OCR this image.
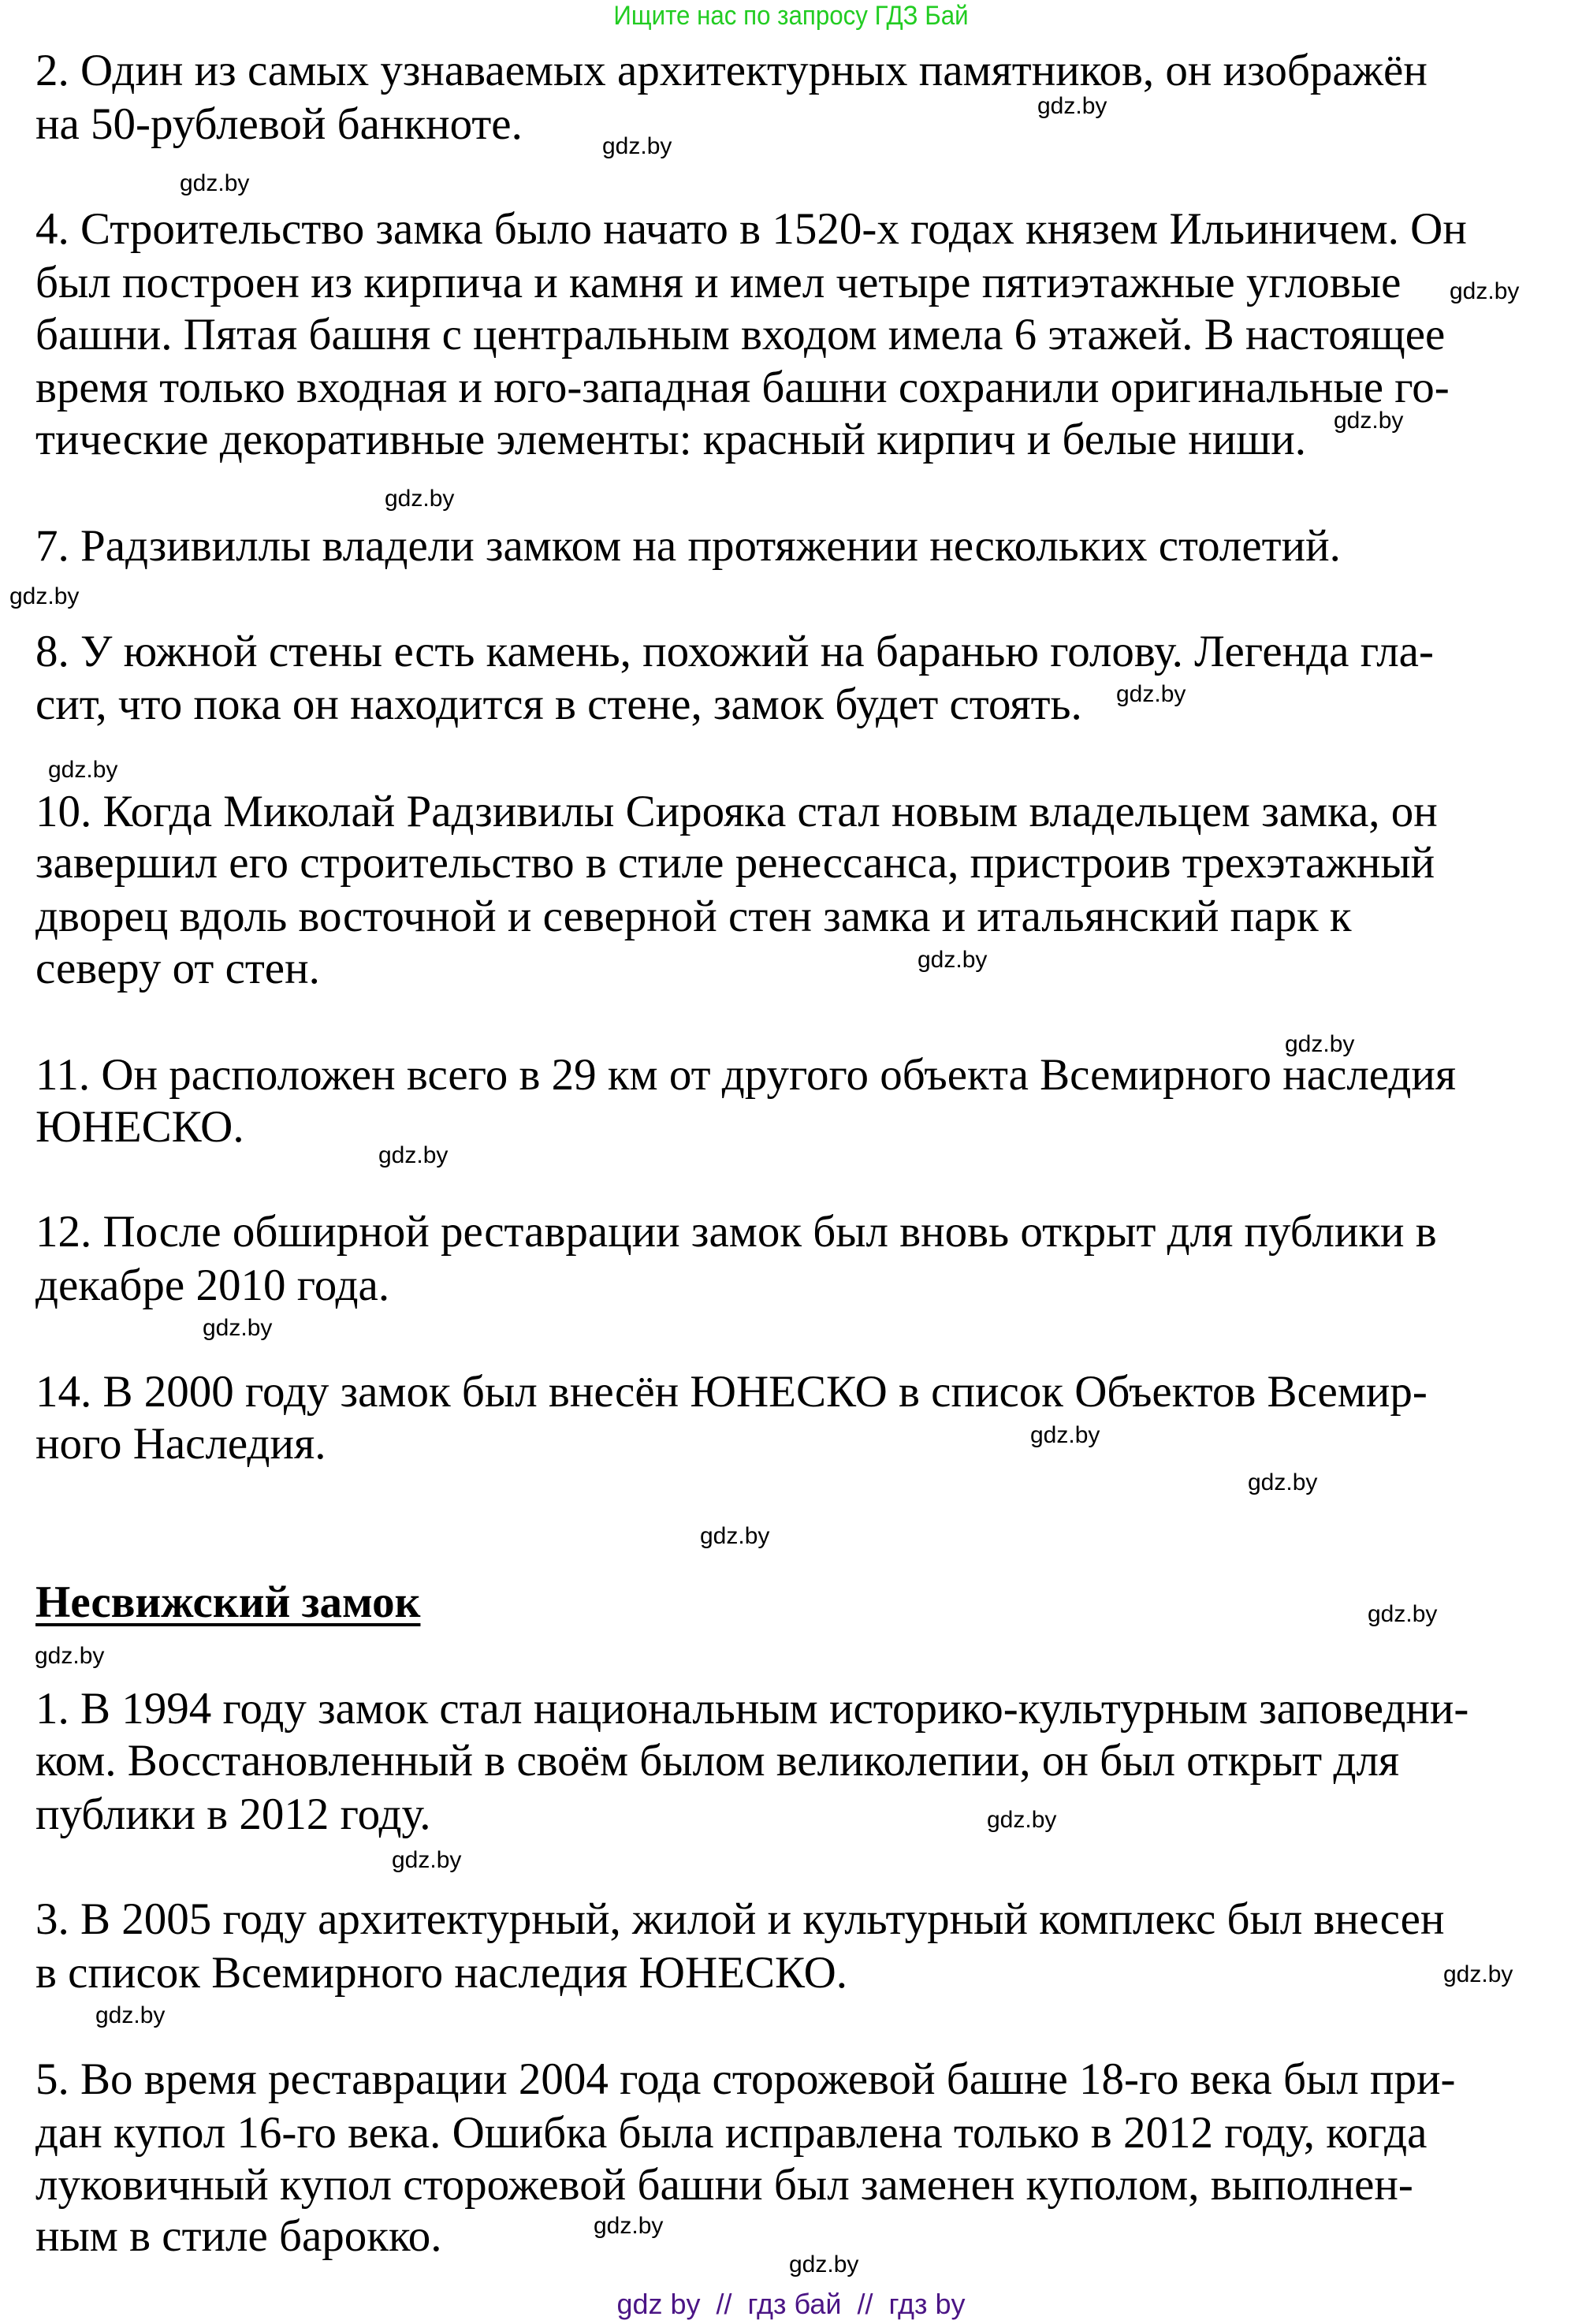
Ищите нас по запросу ГДЗ Бай
2. Один из самых узнаваемых архитектурных памятников, он изображён
на 50-рублевой банкноте.
4. Строительство замка было начато в 1520-х годах князем Ильиничем. Он
был построен из кирпича и камня и имел четыре пятиэтажные угловые
башни. Пятая башня с центральным входом имела 6 этажей. В настоящее
время только входная и юго-западная башни сохранили оригинальные го-
тические декоративные элементы: красный кирпич и белые ниши.
7. Радзивиллы владели замком на протяжении нескольких столетий.
8. У южной стены есть камень, похожий на баранью голову. Легенда гла-
сит, что пока он находится в стене, замок будет стоять.
10. Когда Миколай Радзивилы Сироякa стал новым владельцем замка, он
завершил его строительство в стиле ренессанса, пристроив трехэтажный
дворец вдоль восточной и северной стен замка и итальянский парк к
северу от стен.
11. Он расположен всего в 29 км от другого объекта Всемирного наследия
ЮНЕСКО.
12. После обширной реставрации замок был вновь открыт для публики в
декабре 2010 года.
14. В 2000 году замок был внесён ЮНЕСКО в список Объектов Всемир-
ного Наследия.
Несвижский замок
1. В 1994 году замок стал национальным историко-культурным заповедни-
ком. Восстановленный в своём былом великолепии, он был открыт для
публики в 2012 году.
3. В 2005 году архитектурный, жилой и культурный комплекс был внесен
в список Всемирного наследия ЮНЕСКО.
5. Во время реставрации 2004 года сторожевой башне 18-го века был при-
дан купол 16-го века. Ошибка была исправлена только в 2012 году, когда
луковичный купол сторожевой башни был заменен куполом, выполнен-
ным в стиле барокко.
gdz.by
gdz.by
gdz.by
gdz.by
gdz.by
gdz.by
gdz.by
gdz.by
gdz.by
gdz.by
gdz.by
gdz.by
gdz.by
gdz.by
gdz.by
gdz.by
gdz.by
gdz.by
gdz.by
gdz.by
gdz.by
gdz.by
gdz.by
gdz.by
gdz by  //  гдз бай  //  гдз by
